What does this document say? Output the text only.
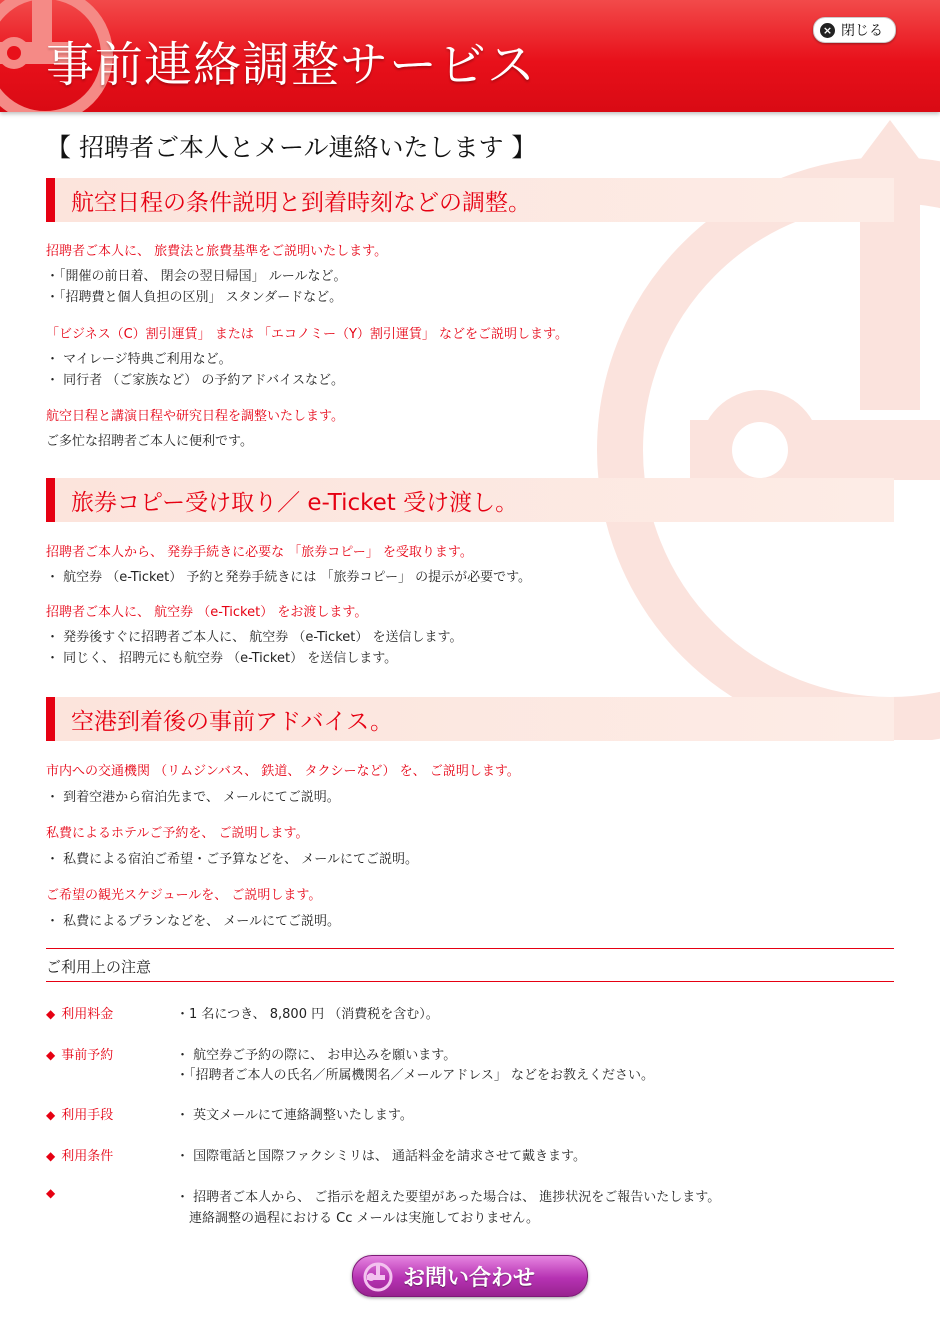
事前連絡調整サービス
× 閉じる
【 招聘者ご本人とメール連絡いたします 】
航空日程の条件説明と到着時刻などの調整。
招聘者ご本人に、 旅費法と旅費基準をご説明いたします。
・「開催の前日着、 閉会の翌日帰国」 ルールなど。
・「招聘費と個人負担の区別」 スタンダードなど。
「ビジネス（C）割引運賃」 または 「エコノミー（Y）割引運賃」 などをご説明します。
・ マイレージ特典ご利用など。
・ 同行者 （ご家族など） の予約アドバイスなど。
航空日程と講演日程や研究日程を調整いたします。
ご多忙な招聘者ご本人に便利です。
旅券コピー受け取り／ e-Ticket 受け渡し。
招聘者ご本人から、 発券手続きに必要な 「旅券コピー」 を受取ります。
・ 航空券 （e-Ticket） 予約と発券手続きには 「旅券コピー」 の提示が必要です。
招聘者ご本人に、 航空券 （e-Ticket） をお渡します。
・ 発券後すぐに招聘者ご本人に、 航空券 （e-Ticket） を送信します。
・ 同じく、 招聘元にも航空券 （e-Ticket） を送信します。
空港到着後の事前アドバイス。
市内への交通機関 （リムジンバス、 鉄道、 タクシーなど） を、 ご説明します。
・ 到着空港から宿泊先まで、 メールにてご説明。
私費によるホテルご予約を、 ご説明します。
・ 私費による宿泊ご希望・ご予算などを、 メールにてご説明。
ご希望の観光スケジュールを、 ご説明します。
・ 私費によるプランなどを、 メールにてご説明。
ご利用上の注意
◆ 利用料金	・1 名につき、 8,800 円 （消費税を含む）。
◆ 事前予約	・ 航空券ご予約の際に、 お申込みを願います。
・「招聘者ご本人の氏名／所属機関名／メールアドレス」 などをお教えください。
◆ 利用手段	・ 英文メールにて連絡調整いたします。
◆ 利用条件	・ 国際電話と国際ファクシミリは、 通話料金を請求させて戴きます。
◆	・ 招聘者ご本人から、 ご指示を超えた要望があった場合は、 進捗状況をご報告いたします。
　連絡調整の過程における Cc メールは実施しておりません。
お問い合わせ
